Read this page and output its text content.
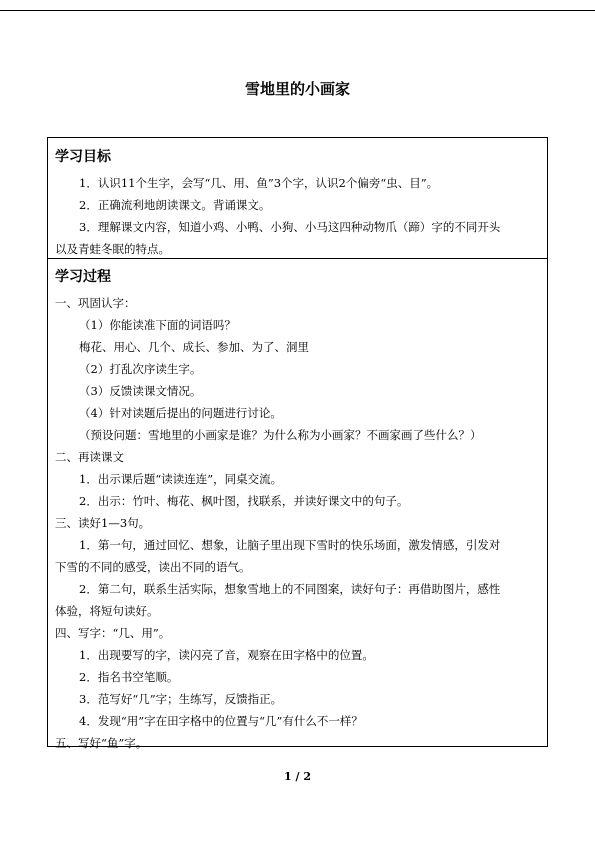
雪地里的小画家
学习目标
1．认识11个生字，会写“几、用、鱼”3个字，认识2个偏旁“虫、目”。
2．正确流利地朗读课文。背诵课文。
3．理解课文内容，知道小鸡、小鸭、小狗、小马这四种动物爪（蹄）字的不同开头
以及青蛙冬眠的特点。
学习过程
一、巩固认字：
（1）你能读准下面的词语吗？
梅花、用心、几个、成长、参加、为了、洞里
（2）打乱次序读生字。
（3）反馈读课文情况。
（4）针对读题后提出的问题进行讨论。
（预设问题：雪地里的小画家是谁？为什么称为小画家？不画家画了些什么？）
二、再读课文
1．出示课后题“读读连连”，同桌交流。
2．出示：竹叶、梅花、枫叶图，找联系，并读好课文中的句子。
三、读好1—3句。
1．第一句，通过回忆、想象，让脑子里出现下雪时的快乐场面，激发情感，引发对
下雪的不同的感受，读出不同的语气。
2．第二句，联系生活实际，想象雪地上的不同图案，读好句子：再借助图片，感性
体验，将短句读好。
四、写字：“几、用”。
1．出现要写的字，读闪亮了音，观察在田字格中的位置。
2．指名书空笔顺。
3．范写好“几”字；生练写，反馈指正。
4．发现“用”字在田字格中的位置与“几”有什么不一样？
五、写好“鱼”字。
1 / 2
